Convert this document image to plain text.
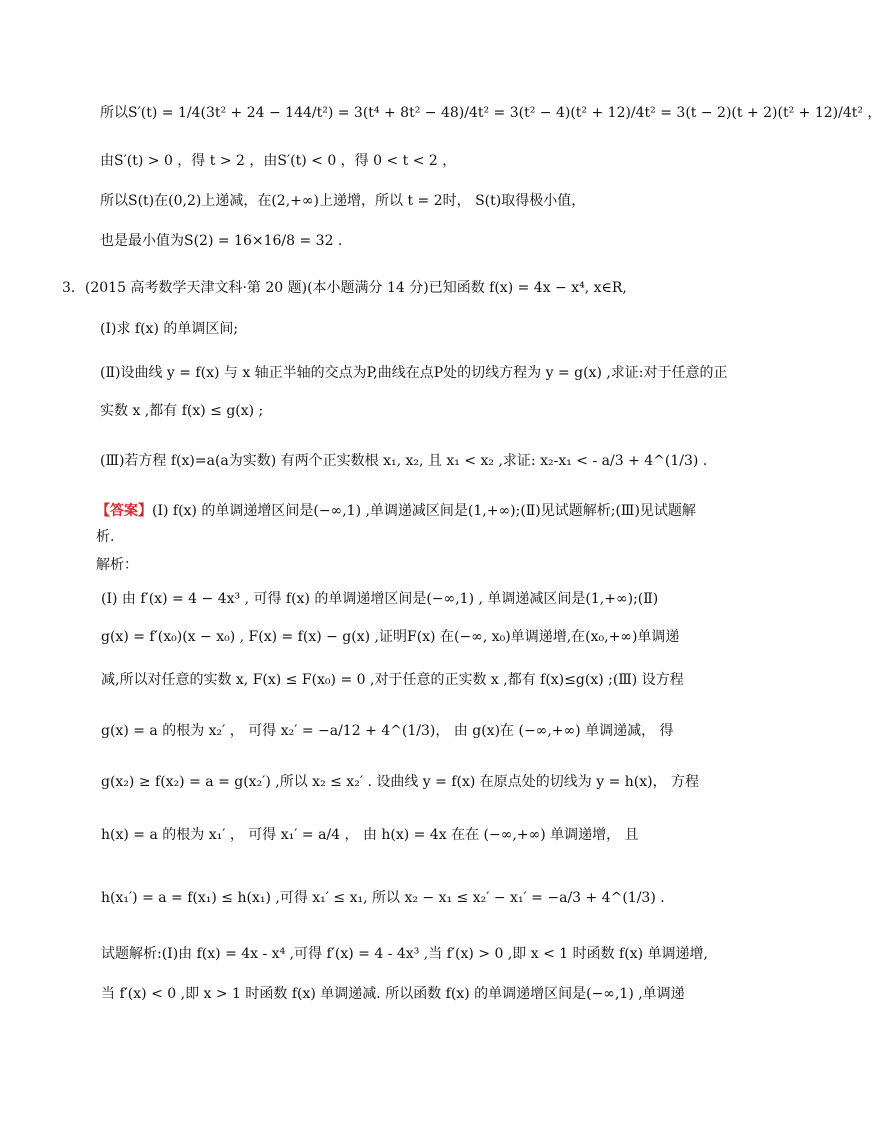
所以S′(t) = 1/4(3t² + 24 − 144/t²) = 3(t⁴ + 8t² − 48)/4t² = 3(t² − 4)(t² + 12)/4t² = 3(t − 2)(t + 2)(t² + 12)/4t² ，
由S′(t) > 0 ，得 t > 2 ，由S′(t) < 0 ，得 0 < t < 2 ，
所以S(t)在(0,2)上递减，在(2,+∞)上递增，所以 t = 2时， S(t)取得极小值，
也是最小值为S(2) = 16×16/8 = 32 .
3．(2015 高考数学天津文科·第 20 题)(本小题满分 14 分)已知函数 f(x) = 4x − x⁴, x∈R,
(Ⅰ)求 f(x) 的单调区间;
(Ⅱ)设曲线 y = f(x) 与 x 轴正半轴的交点为P,曲线在点P处的切线方程为 y = g(x) ,求证:对于任意的正
实数 x ,都有 f(x) ≤ g(x) ;
(Ⅲ)若方程 f(x)=a(a为实数) 有两个正实数根 x₁, x₂, 且 x₁ < x₂ ,求证: x₂-x₁ < - a/3 + 4^(1/3) .
【答案】(Ⅰ) f(x) 的单调递增区间是(−∞,1) ,单调递减区间是(1,+∞);(Ⅱ)见试题解析;(Ⅲ)见试题解
析.
解析：
(Ⅰ) 由 f′(x) = 4 − 4x³ , 可得 f(x) 的单调递增区间是(−∞,1) , 单调递减区间是(1,+∞);(Ⅱ)
g(x) = f′(x₀)(x − x₀) , F(x) = f(x) − g(x) ,证明F(x) 在(−∞, x₀)单调递增,在(x₀,+∞)单调递
减,所以对任意的实数 x, F(x) ≤ F(x₀) = 0 ,对于任意的正实数 x ,都有 f(x)≤g(x) ;(Ⅲ) 设方程
g(x) = a 的根为 x₂′ ， 可得 x₂′ = −a/12 + 4^(1/3)， 由 g(x)在 (−∞,+∞) 单调递减， 得
g(x₂) ≥ f(x₂) = a = g(x₂′) ,所以 x₂ ≤ x₂′ . 设曲线 y = f(x) 在原点处的切线为 y = h(x)， 方程
h(x) = a 的根为 x₁′ ， 可得 x₁′ = a/4 ， 由 h(x) = 4x 在在 (−∞,+∞) 单调递增， 且
h(x₁′) = a = f(x₁) ≤ h(x₁) ,可得 x₁′ ≤ x₁, 所以 x₂ − x₁ ≤ x₂′ − x₁′ = −a/3 + 4^(1/3) .
试题解析:(Ⅰ)由 f(x) = 4x - x⁴ ,可得 f′(x) = 4 - 4x³ ,当 f′(x) > 0 ,即 x < 1 时函数 f(x) 单调递增,
当 f′(x) < 0 ,即 x > 1 时函数 f(x) 单调递减. 所以函数 f(x) 的单调递增区间是(−∞,1) ,单调递
